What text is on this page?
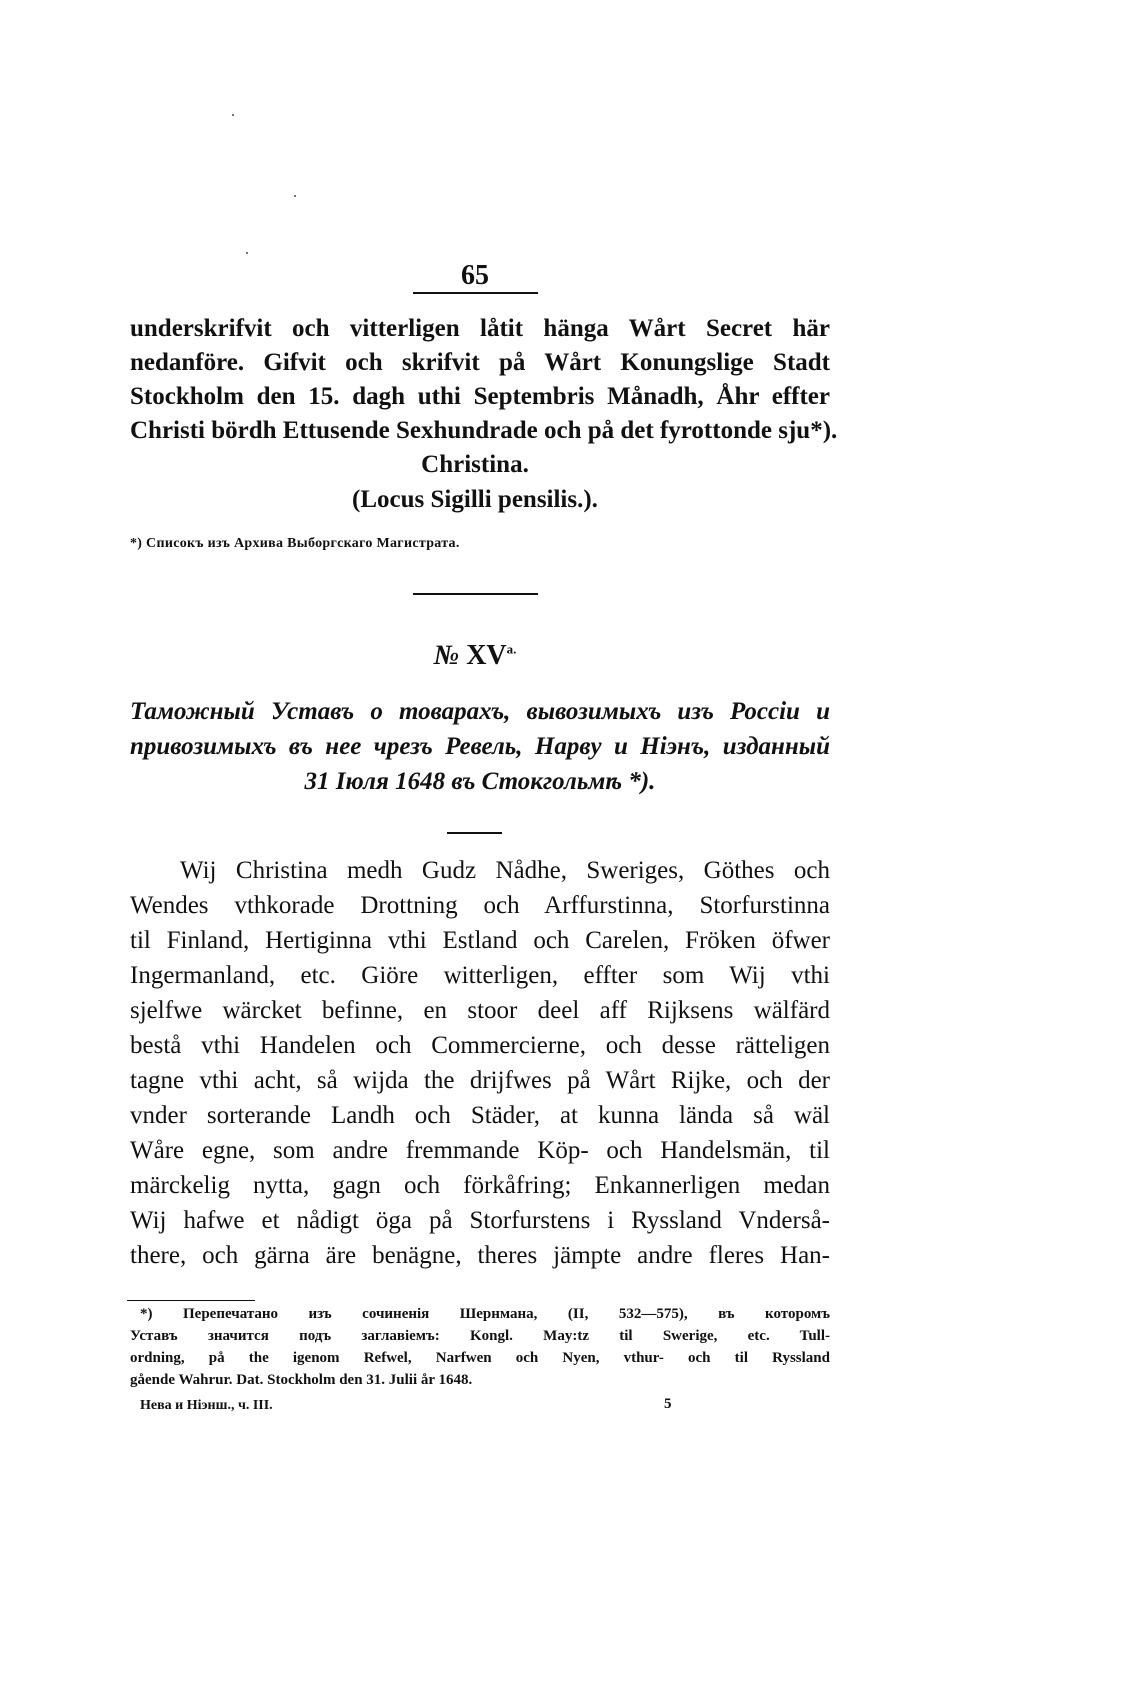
65
underskrifvit och vitterligen låtit hänga Wårt Secret här
nedanföre. Gifvit och skrifvit på Wårt Konungslige Stadt
Stockholm den 15. dagh uthi Septembris Månadh, Åhr effter
Christi bördh Ettusende Sexhundrade och på det fyrottonde sju*).
Christina.
(Locus Sigilli pensilis.).
*) Списокъ изъ Архива Выборгскаго Магистрата.
№ $XV^{a.}$
Таможный Уставъ о товарахъ, вывозимыхъ изъ Россіи и
привозимыхъ въ нее чрезъ Ревель, Нарву и Ніэнъ, изданный
31 Іюля 1648 въ Стокгольмѣ *).
Wij Christina medh Gudz Nådhe, Sweriges, Göthes och
Wendes vthkorade Drottning och Arffurstinna, Storfurstinna
til Finland, Hertiginna vthi Estland och Carelen, Fröken öfwer
Ingermanland, etc. Giöre witterligen, effter som Wij vthi
sjelfwe wärcket befinne, en stoor deel aff Rijksens wälfärd
bestå vthi Handelen och Commercierne, och desse rätteligen
tagne vthi acht, så wijda the drijfwes på Wårt Rijke, och der
vnder sorterande Landh och Städer, at kunna lända så wäl
Wåre egne, som andre fremmande Köp- och Handelsmän, til
märckelig nytta, gagn och förkåfring; Enkannerligen medan
Wij hafwe et nådigt öga på Storfurstens i Ryssland Vnderså-
there, och gärna äre benägne, theres jämpte andre fleres Han-
*) Перепечатано изъ сочиненія Шернмана, (II, 532—575), въ которомъ
Уставъ значится подъ заглавіемъ: Kongl. May:tz til Swerige, etc. Tull-
ordning, på the igenom Refwel, Narfwen och Nyen, vthur- och til Ryssland
gående Wahrur. Dat. Stockholm den 31. Julii år 1648.
Нева и Ніэнш., ч. III.	5
